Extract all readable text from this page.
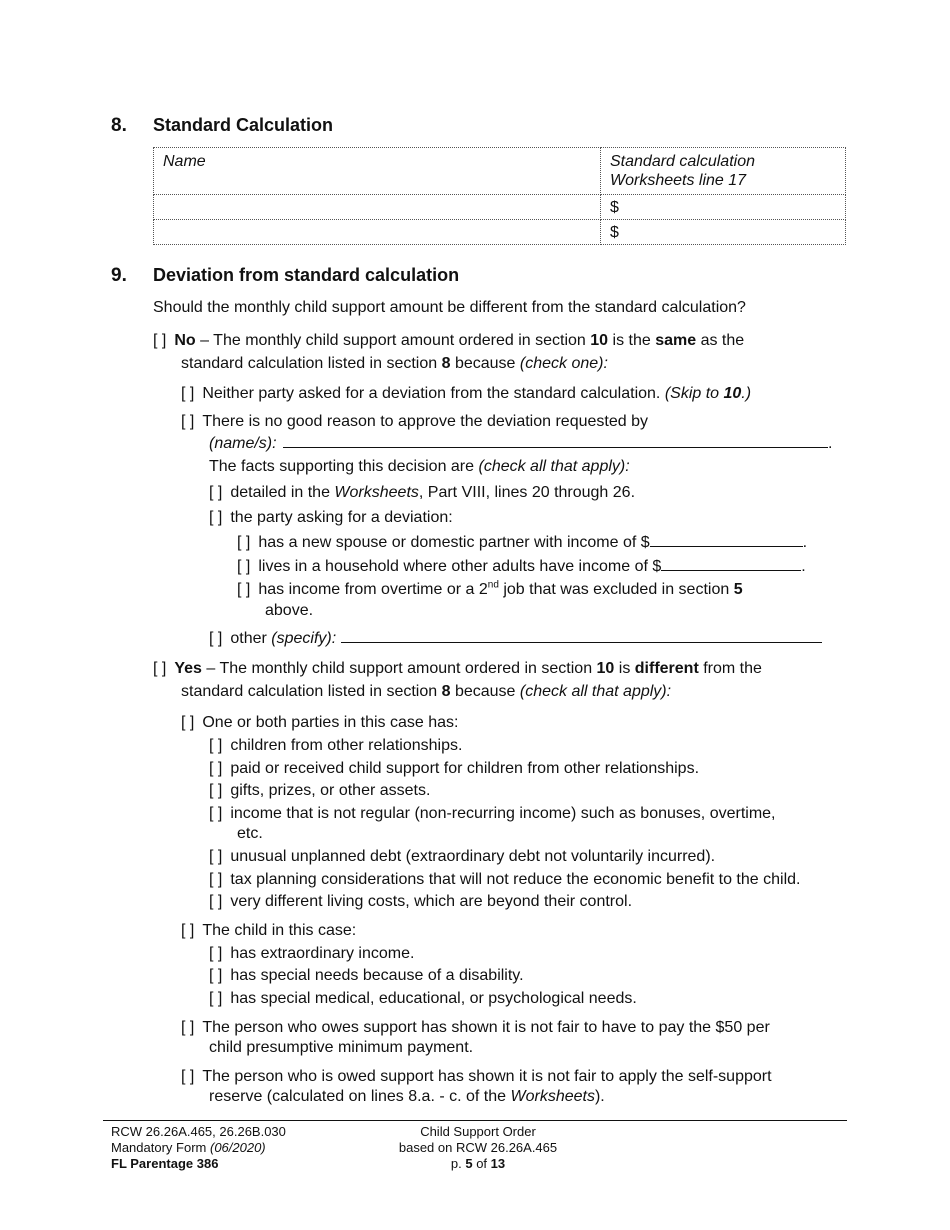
8. Standard Calculation
Name	Standard calculation
Worksheets line 17

	$
	$
9. Deviation from standard calculation
Should the monthly child support amount be different from the standard calculation?
[ ] No – The monthly child support amount ordered in section 10 is the same as the
standard calculation listed in section 8 because (check one):
[ ] Neither party asked for a deviation from the standard calculation. (Skip to 10.)
[ ] There is no good reason to approve the deviation requested by
(name/s):	.
The facts supporting this decision are (check all that apply):
[ ] detailed in the Worksheets, Part VIII, lines 20 through 26.
[ ] the party asking for a deviation:
[ ] has a new spouse or domestic partner with income of $	.
[ ] lives in a household where other adults have income of $	.
[ ] has income from overtime or a 2nd job that was excluded in section 5
above.
[ ] other (specify):
[ ] Yes – The monthly child support amount ordered in section 10 is different from the
standard calculation listed in section 8 because (check all that apply):
[ ] One or both parties in this case has:
[ ] children from other relationships.
[ ] paid or received child support for children from other relationships.
[ ] gifts, prizes, or other assets.
[ ] income that is not regular (non-recurring income) such as bonuses, overtime,
etc.
[ ] unusual unplanned debt (extraordinary debt not voluntarily incurred).
[ ] tax planning considerations that will not reduce the economic benefit to the child.
[ ] very different living costs, which are beyond their control.
[ ] The child in this case:
[ ] has extraordinary income.
[ ] has special needs because of a disability.
[ ] has special medical, educational, or psychological needs.
[ ] The person who owes support has shown it is not fair to have to pay the $50 per
child presumptive minimum payment.
[ ] The person who is owed support has shown it is not fair to apply the self-support
reserve (calculated on lines 8.a. - c. of the Worksheets).
RCW 26.26A.465, 26.26B.030
Mandatory Form (06/2020)
FL Parentage 386
Child Support Order
based on RCW 26.26A.465
p. 5 of 13
